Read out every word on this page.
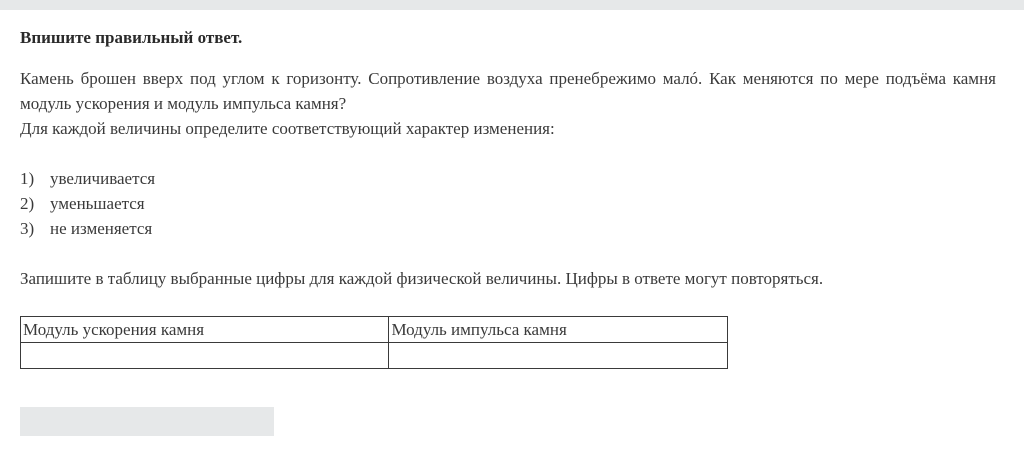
Впишите правильный ответ.

Камень брошен вверх под углом к горизонту. Сопротивление воздуха пренебрежимо малó. Как меняются по мере подъёма камня модуль ускорения и модуль импульса камня?

Для каждой величины определите соответствующий характер изменения:

1) увеличивается
2) уменьшается
3) не изменяется

Запишите в таблицу выбранные цифры для каждой физической величины. Цифры в ответе могут повторяться.

Модуль ускорения камня	Модуль импульса камня
